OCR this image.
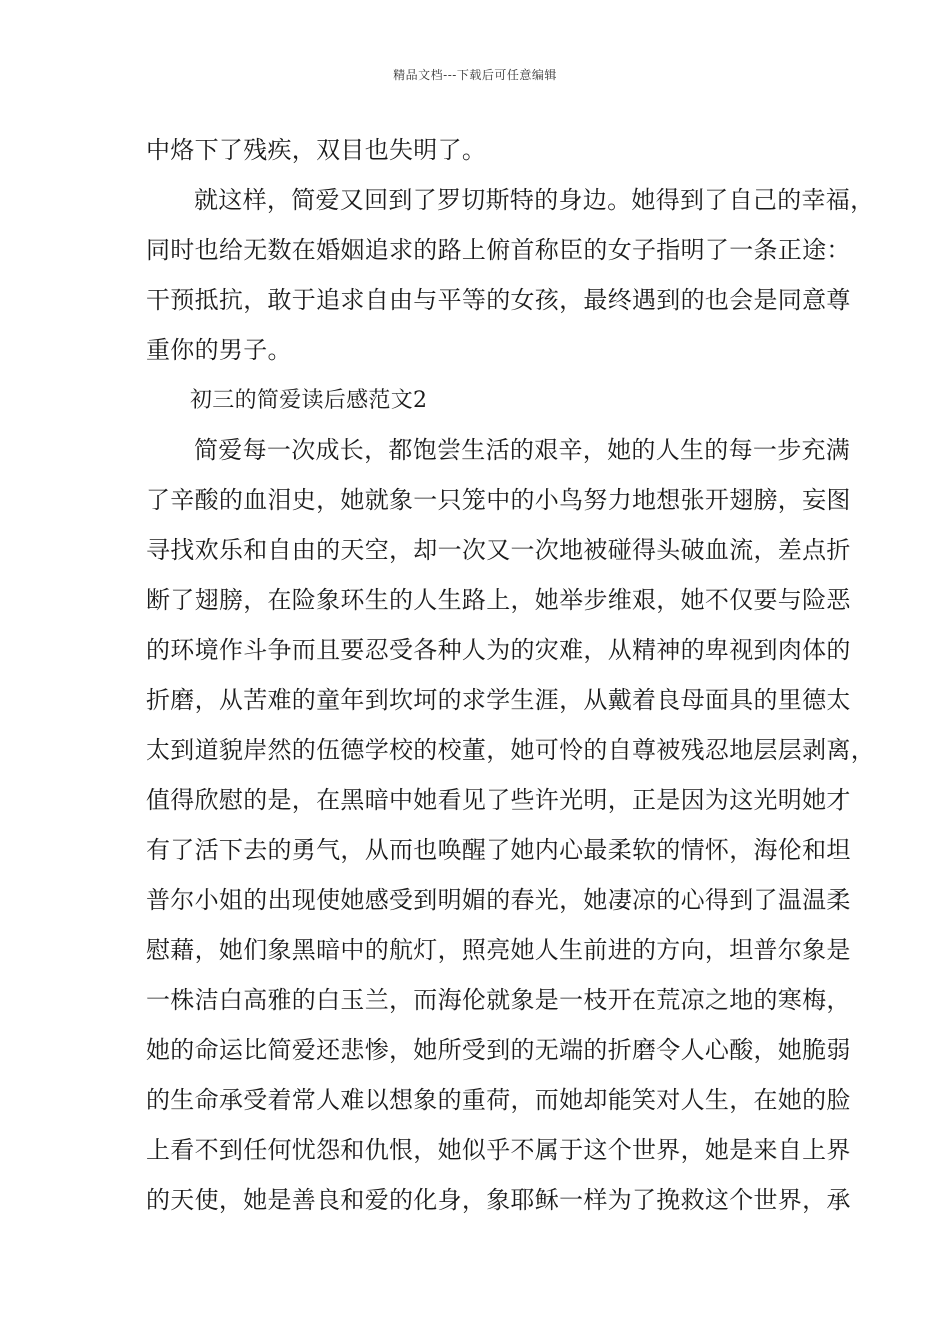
精品文档---下载后可任意编辑
中烙下了残疾，双目也失明了。
就这样，简爱又回到了罗切斯特的身边。她得到了自己的幸福，
同时也给无数在婚姻追求的路上俯首称臣的女子指明了一条正途：
干预抵抗，敢于追求自由与平等的女孩，最终遇到的也会是同意尊
重你的男子。
初三的简爱读后感范文2
简爱每一次成长，都饱尝生活的艰辛，她的人生的每一步充满
了辛酸的血泪史，她就象一只笼中的小鸟努力地想张开翅膀，妄图
寻找欢乐和自由的天空，却一次又一次地被碰得头破血流，差点折
断了翅膀，在险象环生的人生路上，她举步维艰，她不仅要与险恶
的环境作斗争而且要忍受各种人为的灾难，从精神的卑视到肉体的
折磨，从苦难的童年到坎坷的求学生涯，从戴着良母面具的里德太
太到道貌岸然的伍德学校的校董，她可怜的自尊被残忍地层层剥离，
值得欣慰的是，在黑暗中她看见了些许光明，正是因为这光明她才
有了活下去的勇气，从而也唤醒了她内心最柔软的情怀，海伦和坦
普尔小姐的出现使她感受到明媚的春光，她凄凉的心得到了温温柔
慰藉，她们象黑暗中的航灯，照亮她人生前进的方向，坦普尔象是
一株洁白高雅的白玉兰，而海伦就象是一枝开在荒凉之地的寒梅，
她的命运比简爱还悲惨，她所受到的无端的折磨令人心酸，她脆弱
的生命承受着常人难以想象的重荷，而她却能笑对人生，在她的脸
上看不到任何忧怨和仇恨，她似乎不属于这个世界，她是来自上界
的天使，她是善良和爱的化身，象耶稣一样为了挽救这个世界，承
